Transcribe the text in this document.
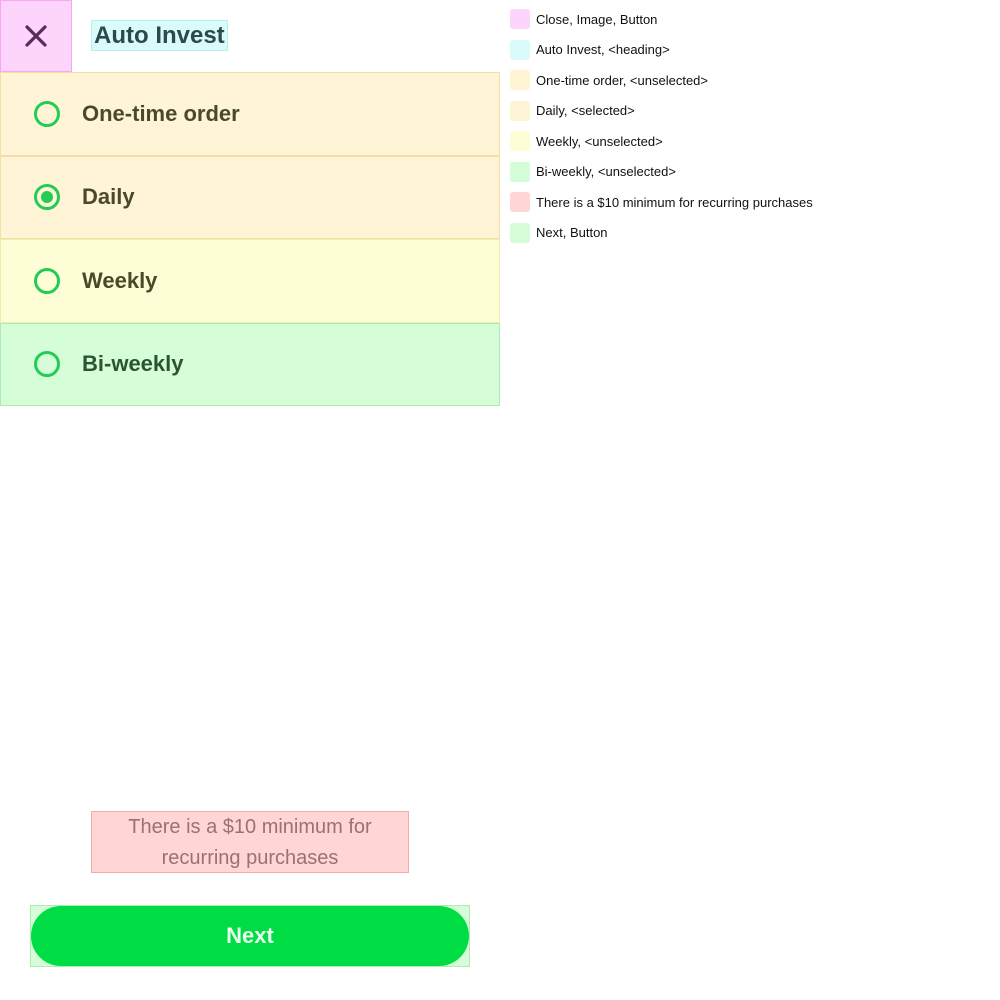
Auto Invest
One-time order
Daily
Weekly
Bi-weekly
There is a $10 minimum for recurring purchases
Next
Close, Image, Button
Auto Invest, <heading>
One-time order, <unselected>
Daily, <selected>
Weekly, <unselected>
Bi-weekly, <unselected>
There is a $10 minimum for recurring purchases
Next, Button
